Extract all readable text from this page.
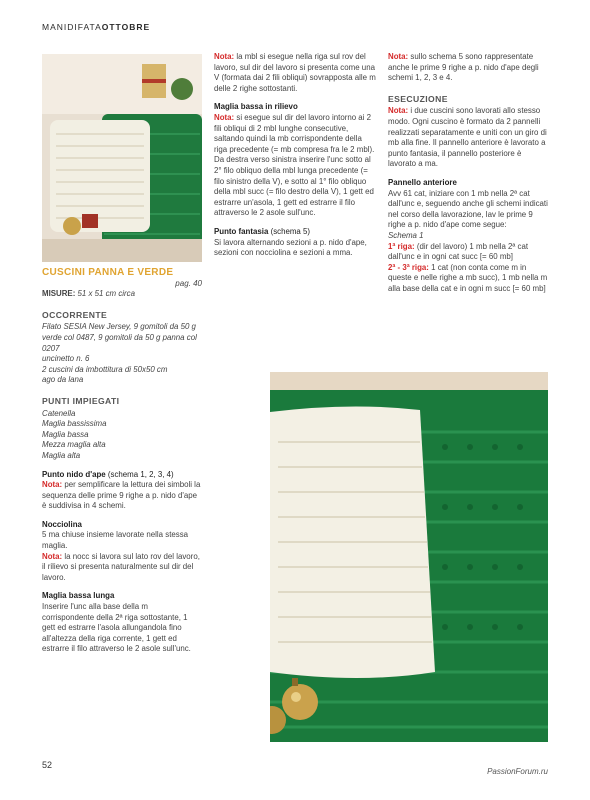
MANIDIFATAOTTOBRE
CUSCINI PANNA E VERDE
pag. 40

MISURE: 51 x 51 cm circa

OCCORRENTE
Filato SESIA New Jersey, 9 gomitoli da 50 g verde col 0487, 9 gomitoli da 50 g panna col 0207
uncinetto n. 6
2 cuscini da imbottitura di 50x50 cm
ago da lana
PUNTI IMPIEGATI
Catenella
Maglia bassissima
Maglia bassa
Mezza maglia alta
Maglia alta
Punto nido d'ape (schema 1, 2, 3, 4)

Nota: per semplificare la lettura dei simboli la sequenza delle prime 9 righe a p. nido d'ape è suddivisa in 4 schemi.

Nocciolina
5 ma chiuse insieme lavorate nella stessa maglia.

Nota: la nocc si lavora sul lato rov del lavoro, il rilievo si presenta naturalmente sul dir del lavoro.

Maglia bassa lunga
Inserire l'unc alla base della m corrispondente della 2ª riga sottostante, 1 gett ed estrarre l'asola allungandola fino all'altezza della riga corrente, 1 gett ed estrarre il filo attraverso le 2 asole sull'unc.

Nota: la mbl si esegue nella riga sul rov del lavoro, sul dir del lavoro si presenta come una V (formata dai 2 fili obliqui) sovrapposta alle m delle 2 righe sottostanti.

Maglia bassa in rilievo
Nota: si esegue sul dir del lavoro intorno ai 2 fili obliqui di 2 mbl lunghe consecutive, saltando quindi la mb corrispondente della riga precedente (= mb compresa fra le 2 mbl).

Da destra verso sinistra inserire l'unc sotto al 2° filo obliquo della mbl lunga precedente (= filo sinistro della V), e sotto al 1° filo obliquo della mbl succ (= filo destro della V), 1 gett ed estrarre un'asola, 1 gett ed estrarre il filo attraverso le 2 asole sull'unc.

Punto fantasia (schema 5)
Si lavora alternando sezioni a p. nido d'ape, sezioni con nocciolina e sezioni a mma.

Nota: sullo schema 5 sono rappresentate anche le prime 9 righe a p. nido d'ape degli schemi 1, 2, 3 e 4.

ESECUZIONE

Nota: i due cuscini sono lavorati allo stesso modo. Ogni cuscino è formato da 2 pannelli realizzati separatamente e uniti con un giro di mb alla fine. Il pannello anteriore è lavorato a punto fantasia, il pannello posteriore è lavorato a ma.

Pannello anteriore
Avv 61 cat, iniziare con 1 mb nella 2ª cat dall'unc e, seguendo anche gli schemi indicati nel corso della lavorazione, lav le prime 9 righe a p. nido d'ape come segue:
Schema 1
1ª riga: (dir del lavoro) 1 mb nella 2ª cat dall'unc e in ogni cat succ [= 60 mb]
2ª - 3ª riga: 1 cat (non conta come m in queste e nelle righe a mb succ), 1 mb nella m alla base della cat e in ogni m succ [= 60 mb]
52
PassionForum.ru
